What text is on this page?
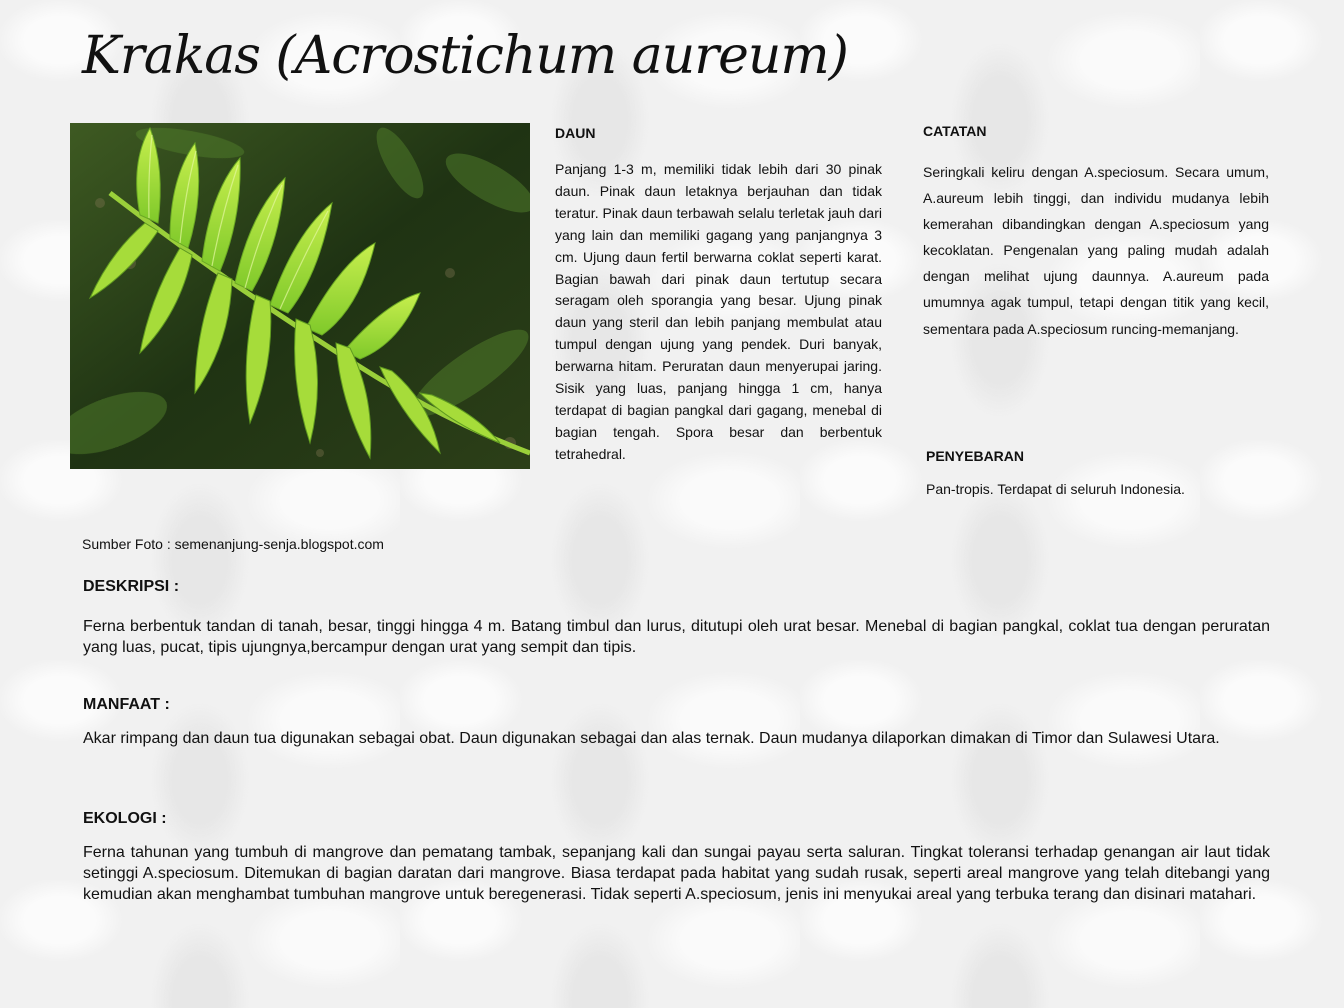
Krakas (Acrostichum aureum)
Sumber Foto : semenanjung-senja.blogspot.com
DAUN
Panjang 1-3 m, memiliki tidak lebih dari 30 pinak daun. Pinak daun letaknya berjauhan dan tidak teratur. Pinak daun terbawah selalu terletak jauh dari yang lain dan memiliki gagang yang panjangnya 3 cm. Ujung daun fertil berwarna coklat seperti karat. Bagian bawah dari pinak daun tertutup secara seragam oleh sporangia yang besar. Ujung pinak daun yang steril dan lebih panjang membulat atau tumpul dengan ujung yang pendek. Duri banyak, berwarna hitam. Peruratan daun menyerupai jaring. Sisik yang luas, panjang hingga 1 cm, hanya terdapat di bagian pangkal dari gagang, menebal di bagian tengah. Spora besar dan berbentuk tetrahedral.
CATATAN
Seringkali keliru dengan A.speciosum. Secara umum, A.aureum lebih tinggi, dan individu mudanya lebih kemerahan dibandingkan dengan A.speciosum yang kecoklatan. Pengenalan yang paling mudah adalah dengan melihat ujung daunnya. A.aureum pada umumnya agak tumpul, tetapi dengan titik yang kecil, sementara pada A.speciosum runcing-memanjang.
PENYEBARAN
Pan-tropis. Terdapat di seluruh Indonesia.
DESKRIPSI :
Ferna berbentuk tandan di tanah, besar, tinggi hingga 4 m. Batang timbul dan lurus, ditutupi oleh urat besar. Menebal di bagian pangkal, coklat tua dengan peruratan yang luas, pucat, tipis ujungnya,bercampur dengan urat yang sempit dan tipis.
MANFAAT :
Akar rimpang dan daun tua digunakan sebagai obat. Daun digunakan sebagai dan alas ternak. Daun mudanya dilaporkan dimakan di Timor dan Sulawesi Utara.
EKOLOGI :
Ferna tahunan yang tumbuh di mangrove dan pematang tambak, sepanjang kali dan sungai payau serta saluran. Tingkat toleransi terhadap genangan air laut tidak setinggi A.speciosum. Ditemukan di bagian daratan dari mangrove. Biasa terdapat pada habitat yang sudah rusak, seperti areal mangrove yang telah ditebangi yang kemudian akan menghambat tumbuhan mangrove untuk beregenerasi. Tidak seperti A.speciosum, jenis ini menyukai areal yang terbuka terang dan disinari matahari.
